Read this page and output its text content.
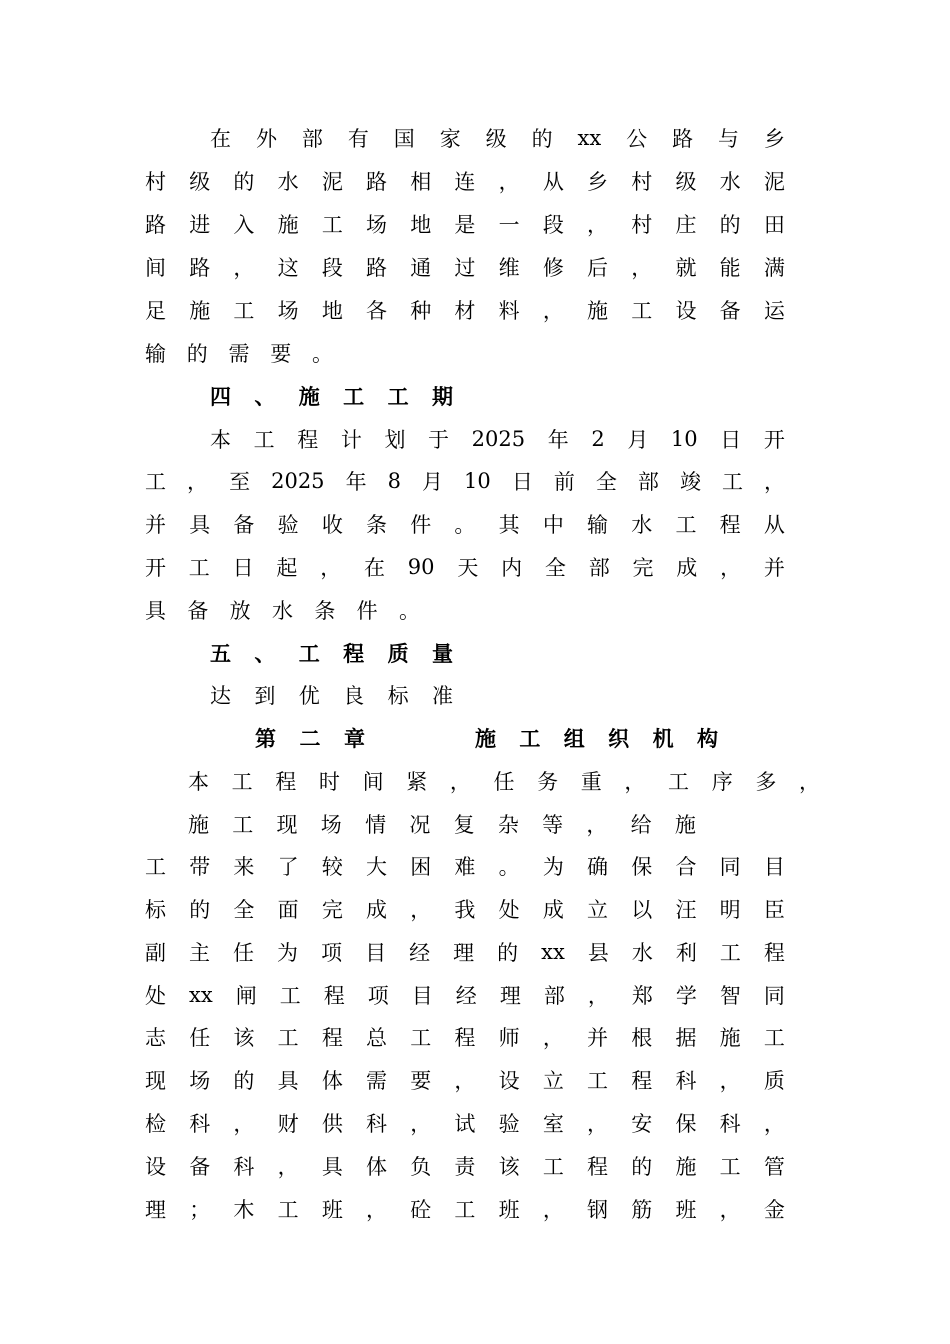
在 外 部 有 国 家 级 的 xx 公 路 与 乡
村 级 的 水 泥 路 相 连 ， 从 乡 村 级 水 泥
路 进 入 施 工 场 地 是 一 段 ， 村 庄 的 田
间 路 ， 这 段 路 通 过 维 修 后 ， 就 能 满
足 施 工 场 地 各 种 材 料 ， 施 工 设 备 运
输 的 需 要 。
四 、 施 工 工 期
本 工 程 计 划 于 2025 年 2 月 10 日 开
工 ， 至 2025 年 8 月 10 日 前 全 部 竣 工 ，
并 具 备 验 收 条 件 。 其 中 输 水 工 程 从
开 工 日 起 ， 在 90 天 内 全 部 完 成 ， 并
具 备 放 水 条 件 。
五 、 工 程 质 量
达 到 优 良 标 准
第 二 章	施 工 组 织 机 构
本 工 程 时 间 紧 ， 任 务 重 ， 工 序 多 ，
施 工 现 场 情 况 复 杂 等 ， 给 施
工 带 来 了 较 大 困 难 。 为 确 保 合 同 目
标 的 全 面 完 成 ， 我 处 成 立 以 汪 明 臣
副 主 任 为 项 目 经 理 的 xx 县 水 利 工 程
处 xx 闸 工 程 项 目 经 理 部 ， 郑 学 智 同
志 任 该 工 程 总 工 程 师 ， 并 根 据 施 工
现 场 的 具 体 需 要 ， 设 立 工 程 科 ， 质
检 科 ， 财 供 科 ， 试 验 室 ， 安 保 科 ，
设 备 科 ， 具 体 负 责 该 工 程 的 施 工 管
理 ； 木 工 班 ， 砼 工 班 ， 钢 筋 班 ， 金
